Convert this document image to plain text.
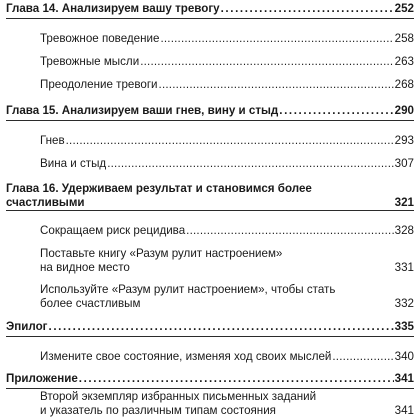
Глава 14. Анализируем вашу тревогу .....	252
Тревожное поведение .....	258
Тревожные мысли .....	263
Преодоление тревоги .....	268
Глава 15. Анализируем ваши гнев, вину и стыд .....	290
Гнев .....	293
Вина и стыд .....	307
Глава 16. Удерживаем результат и становимся более
счастливыми	321
Сокращаем риск рецидива .....	328
Поставьте книгу «Разум рулит настроением»
на видное место	331
Используйте «Разум рулит настроением», чтобы стать
более счастливым	332
Эпилог .....	335
Измените свое состояние, изменяя ход своих мыслей .....	340
Приложение .....	341
Второй экземпляр избранных письменных заданий
и указатель по различным типам состояния	341
